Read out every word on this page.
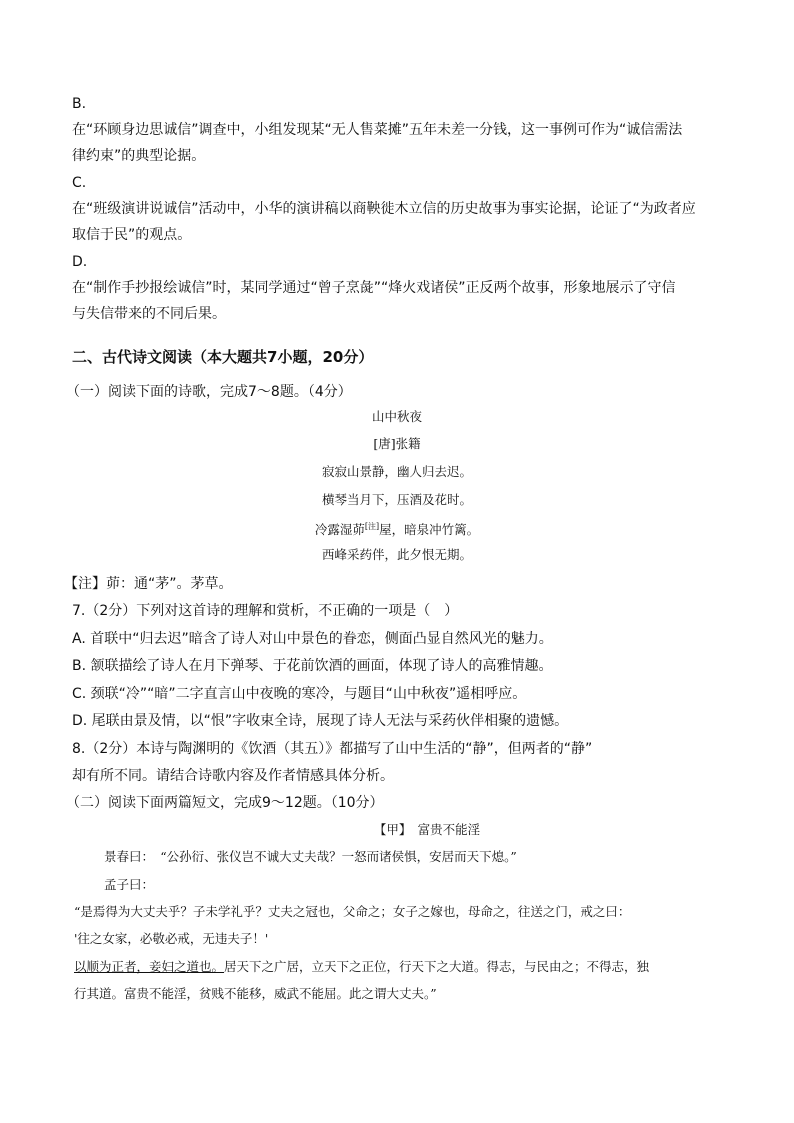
B.
在“环顾身边思诚信”调查中，小组发现某“无人售菜摊”五年未差一分钱，这一事例可作为“诚信需法
律约束”的典型论据。
C.
在“班级演讲说诚信”活动中，小华的演讲稿以商鞅徙木立信的历史故事为事实论据，论证了“为政者应
取信于民”的观点。
D.
在“制作手抄报绘诚信”时，某同学通过“曾子烹彘”“烽火戏诸侯”正反两个故事，形象地展示了守信
与失信带来的不同后果。
二、古代诗文阅读（本大题共7小题，20分）
（一）阅读下面的诗歌，完成7～8题。（4分）
山中秋夜
[唐]张籍
寂寂山景静，幽人归去迟。
横琴当月下，压酒及花时。
冷露湿茆[注]屋，暗泉冲竹篱。
西峰采药伴，此夕恨无期。
【注】茆：通“茅”。茅草。
7.（2分）下列对这首诗的理解和赏析，不正确的一项是（　）
A. 首联中“归去迟”暗含了诗人对山中景色的眷恋，侧面凸显自然风光的魅力。
B. 颔联描绘了诗人在月下弹琴、于花前饮酒的画面，体现了诗人的高雅情趣。
C. 颈联“冷”“暗”二字直言山中夜晚的寒冷，与题目“山中秋夜”遥相呼应。
D. 尾联由景及情，以“恨”字收束全诗，展现了诗人无法与采药伙伴相聚的遗憾。
8.（2分）本诗与陶渊明的《饮酒（其五）》都描写了山中生活的“静”，但两者的“静”
却有所不同。请结合诗歌内容及作者情感具体分析。
（二）阅读下面两篇短文，完成9～12题。（10分）
【甲】　富贵不能淫
景春曰：　“公孙衍、张仪岂不诚大丈夫哉？一怒而诸侯惧，安居而天下熄。”
孟子曰：
“是焉得为大丈夫乎？子未学礼乎？丈夫之冠也，父命之；女子之嫁也，母命之，往送之门，戒之曰：
'往之女家，必敬必戒，无违夫子！'
以顺为正者，妾妇之道也。居天下之广居，立天下之正位，行天下之大道。得志，与民由之；不得志，独
行其道。富贵不能淫，贫贱不能移，威武不能屈。此之谓大丈夫。”
